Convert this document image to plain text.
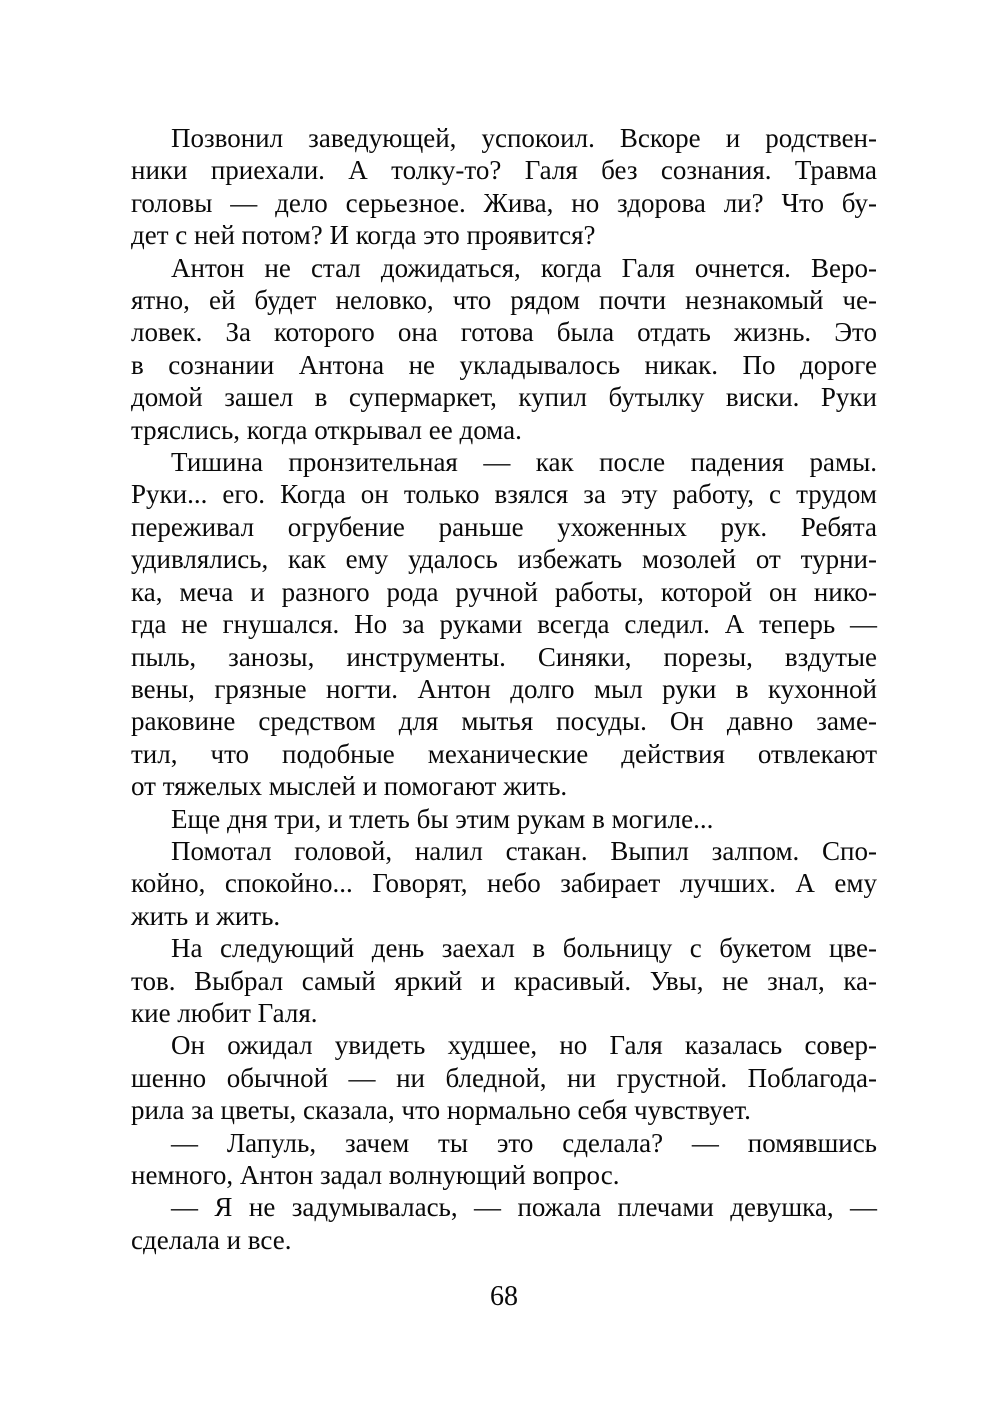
Позвонил заведующей, успокоил. Вскоре и родствен-
ники приехали. А толку-то? Галя без сознания. Травма
головы — дело серьезное. Жива, но здорова ли? Что бу-
дет с ней потом? И когда это проявится?
Антон не стал дожидаться, когда Галя очнется. Веро-
ятно, ей будет неловко, что рядом почти незнакомый че-
ловек. За которого она готова была отдать жизнь. Это
в сознании Антона не укладывалось никак. По дороге
домой зашел в супермаркет, купил бутылку виски. Руки
тряслись, когда открывал ее дома.
Тишина пронзительная — как после падения рамы.
Руки... его. Когда он только взялся за эту работу, с трудом
переживал огрубение раньше ухоженных рук. Ребята
удивлялись, как ему удалось избежать мозолей от турни-
ка, меча и разного рода ручной работы, которой он нико-
гда не гнушался. Но за руками всегда следил. А теперь —
пыль, занозы, инструменты. Синяки, порезы, вздутые
вены, грязные ногти. Антон долго мыл руки в кухонной
раковине средством для мытья посуды. Он давно заме-
тил, что подобные механические действия отвлекают
от тяжелых мыслей и помогают жить.
Еще дня три, и тлеть бы этим рукам в могиле...
Помотал головой, налил стакан. Выпил залпом. Спо-
койно, спокойно... Говорят, небо забирает лучших. А ему
жить и жить.
На следующий день заехал в больницу с букетом цве-
тов. Выбрал самый яркий и красивый. Увы, не знал, ка-
кие любит Галя.
Он ожидал увидеть худшее, но Галя казалась совер-
шенно обычной — ни бледной, ни грустной. Поблагода-
рила за цветы, сказала, что нормально себя чувствует.
— Лапуль, зачем ты это сделала? — помявшись
немного, Антон задал волнующий вопрос.
— Я не задумывалась, — пожала плечами девушка, —
сделала и все.
68
